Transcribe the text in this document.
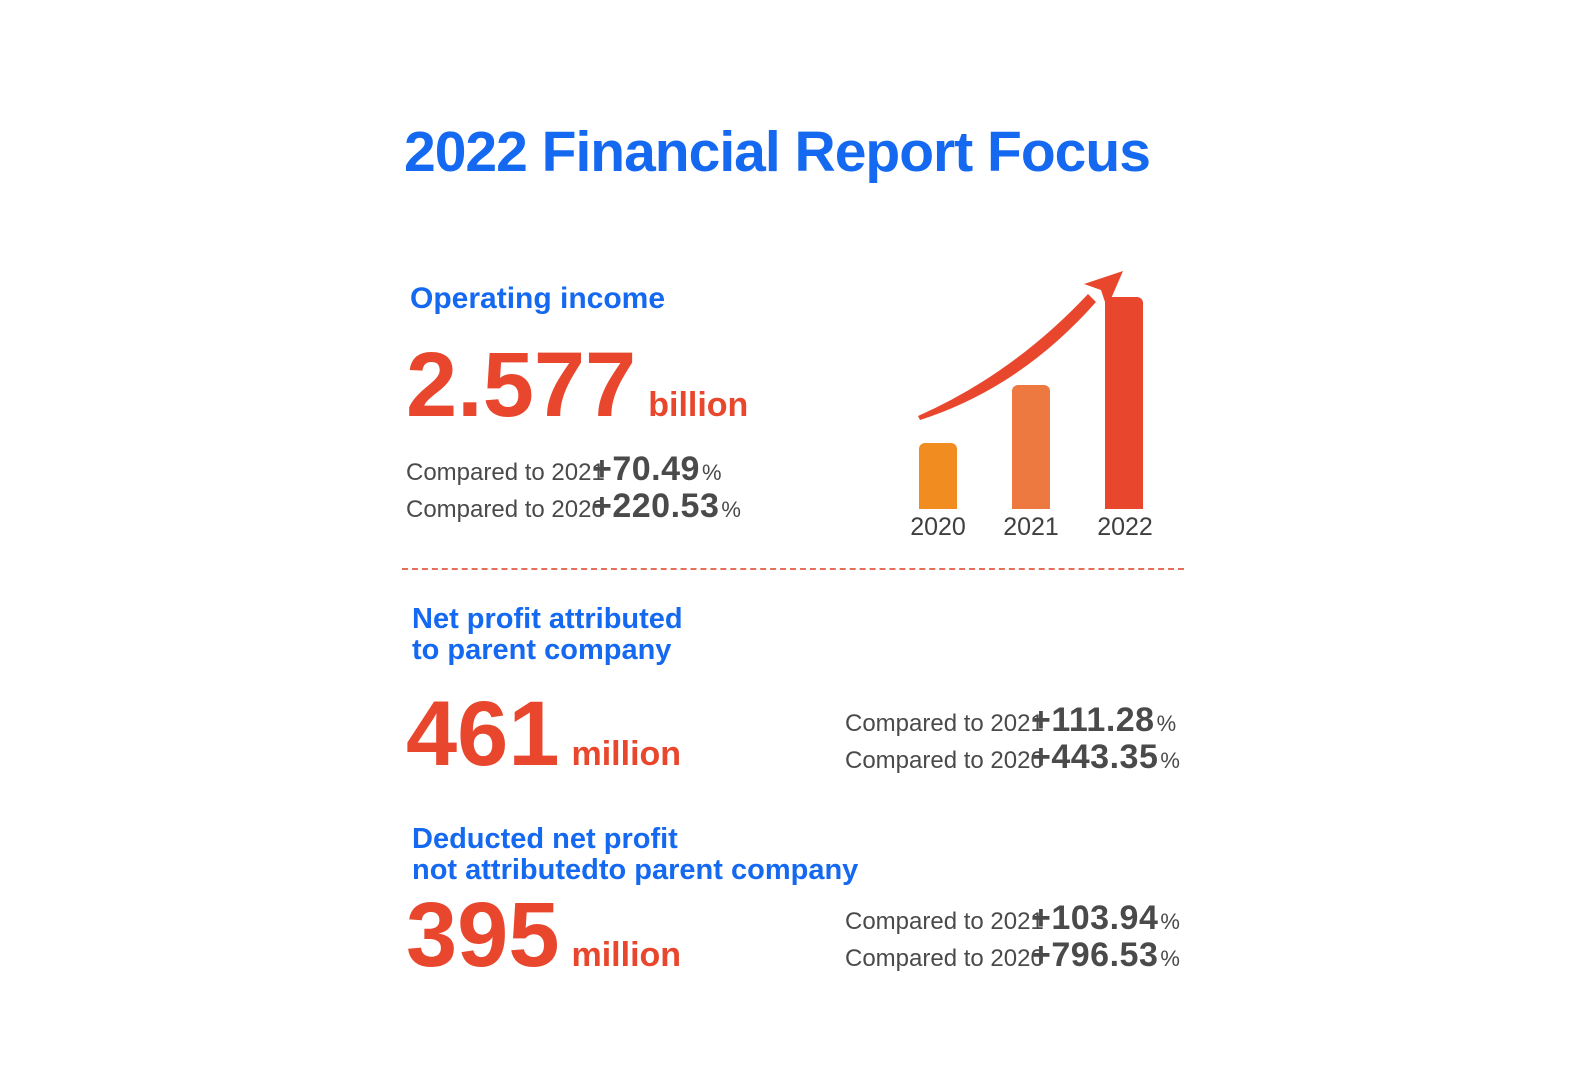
2022 Financial Report Focus
Operating income
2.577 billion
Compared to 2021
+70.49 %
Compared to 2020
+220.53 %
2020	2021	2022
Net profit attributed
to parent company
461 million
Compared to 2021
+111.28 %
Compared to 2020
+443.35 %
Deducted net profit
not attributedto parent company
395 million
Compared to 2021
+103.94 %
Compared to 2020
+796.53 %
